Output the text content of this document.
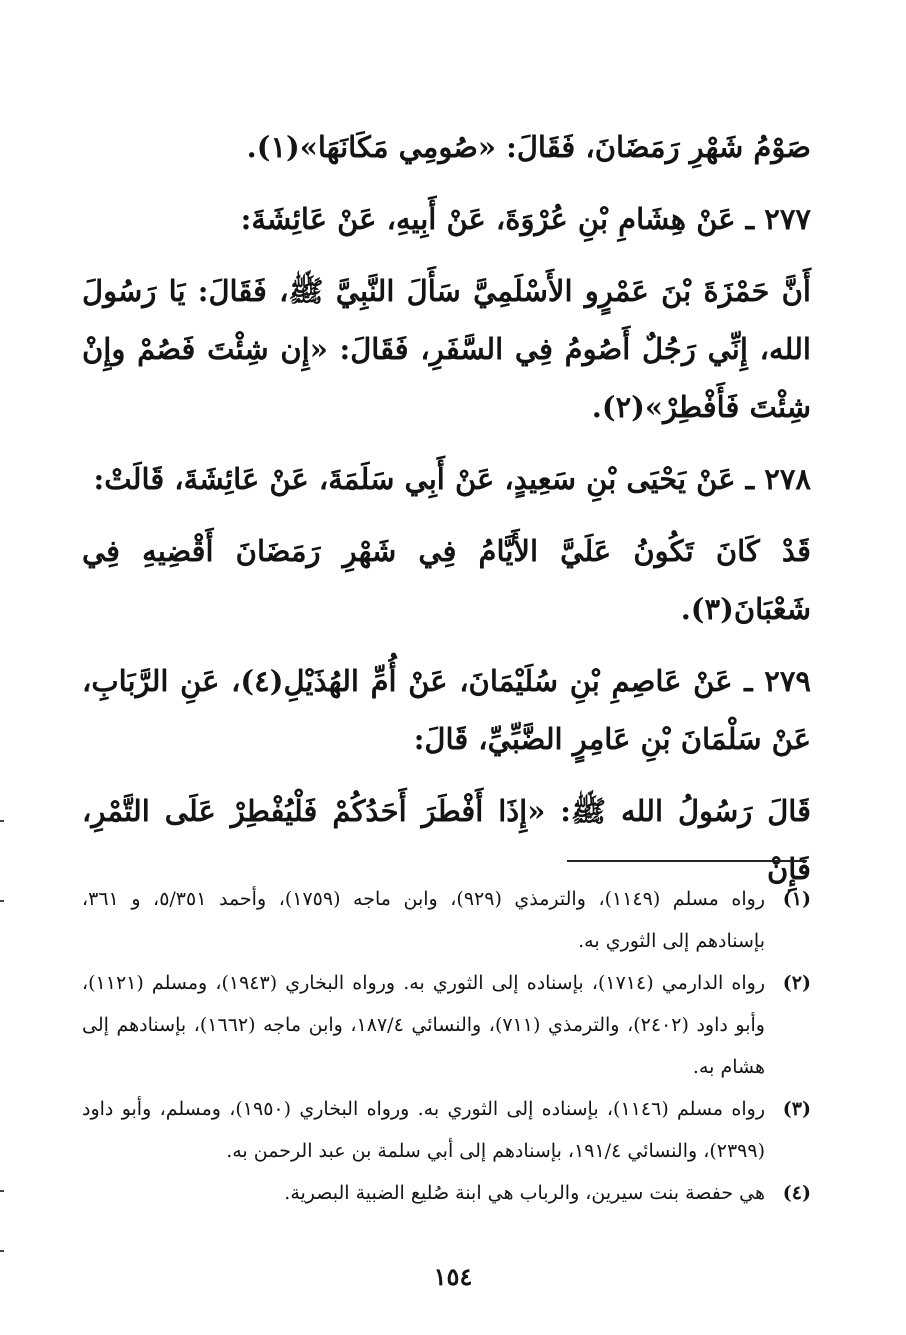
صَوْمُ شَهْرِ رَمَضَانَ، فَقَالَ: «صُومِي مَكَانَهَا»(١).

٢٧٧ ـ عَنْ هِشَامِ بْنِ عُرْوَةَ، عَنْ أَبِيهِ، عَنْ عَائِشَةَ:

أَنَّ حَمْزَةَ بْنَ عَمْرٍو الأَسْلَمِيَّ سَأَلَ النَّبِيَّ ﷺ، فَقَالَ: يَا رَسُولَ الله، إِنِّي رَجُلٌ أَصُومُ فِي السَّفَرِ، فَقَالَ: «إِن شِئْتَ فَصُمْ وإِنْ شِئْتَ فَأَفْطِرْ»(٢).

٢٧٨ ـ عَنْ يَحْيَى بْنِ سَعِيدٍ، عَنْ أَبِي سَلَمَةَ، عَنْ عَائِشَةَ، قَالَتْ:

قَدْ كَانَ تَكُونُ عَلَيَّ الأَيَّامُ فِي شَهْرِ رَمَضَانَ أَقْضِيهِ فِي شَعْبَانَ(٣).

٢٧٩ ـ عَنْ عَاصِمِ بْنِ سُلَيْمَانَ، عَنْ أُمِّ الهُذَيْلِ(٤)، عَنِ الرَّبَابِ، عَنْ سَلْمَانَ بْنِ عَامِرٍ الضَّبِّيِّ، قَالَ:

قَالَ رَسُولُ الله ﷺ: «إِذَا أَفْطَرَ أَحَدُكُمْ فَلْيُفْطِرْ عَلَى التَّمْرِ، فَإِنْ

(١)
رواه مسلم (١١٤٩)، والترمذي (٩٢٩)، وابن ماجه (١٧٥٩)، وأحمد ٥/٣٥١، و ٣٦١، بإسنادهم إلى الثوري به.
(٢)
رواه الدارمي (١٧١٤)، بإسناده إلى الثوري به. ورواه البخاري (١٩٤٣)، ومسلم (١١٢١)، وأبو داود (٢٤٠٢)، والترمذي (٧١١)، والنسائي ١٨٧/٤، وابن ماجه (١٦٦٢)، بإسنادهم إلى هشام به.
(٣)
رواه مسلم (١١٤٦)، بإسناده إلى الثوري به. ورواه البخاري (١٩٥٠)، ومسلم، وأبو داود (٢٣٩٩)، والنسائي ١٩١/٤، بإسنادهم إلى أبي سلمة بن عبد الرحمن به.
(٤)
هي حفصة بنت سيرين، والرباب هي ابنة صُليع الضبية البصرية.
١٥٤
